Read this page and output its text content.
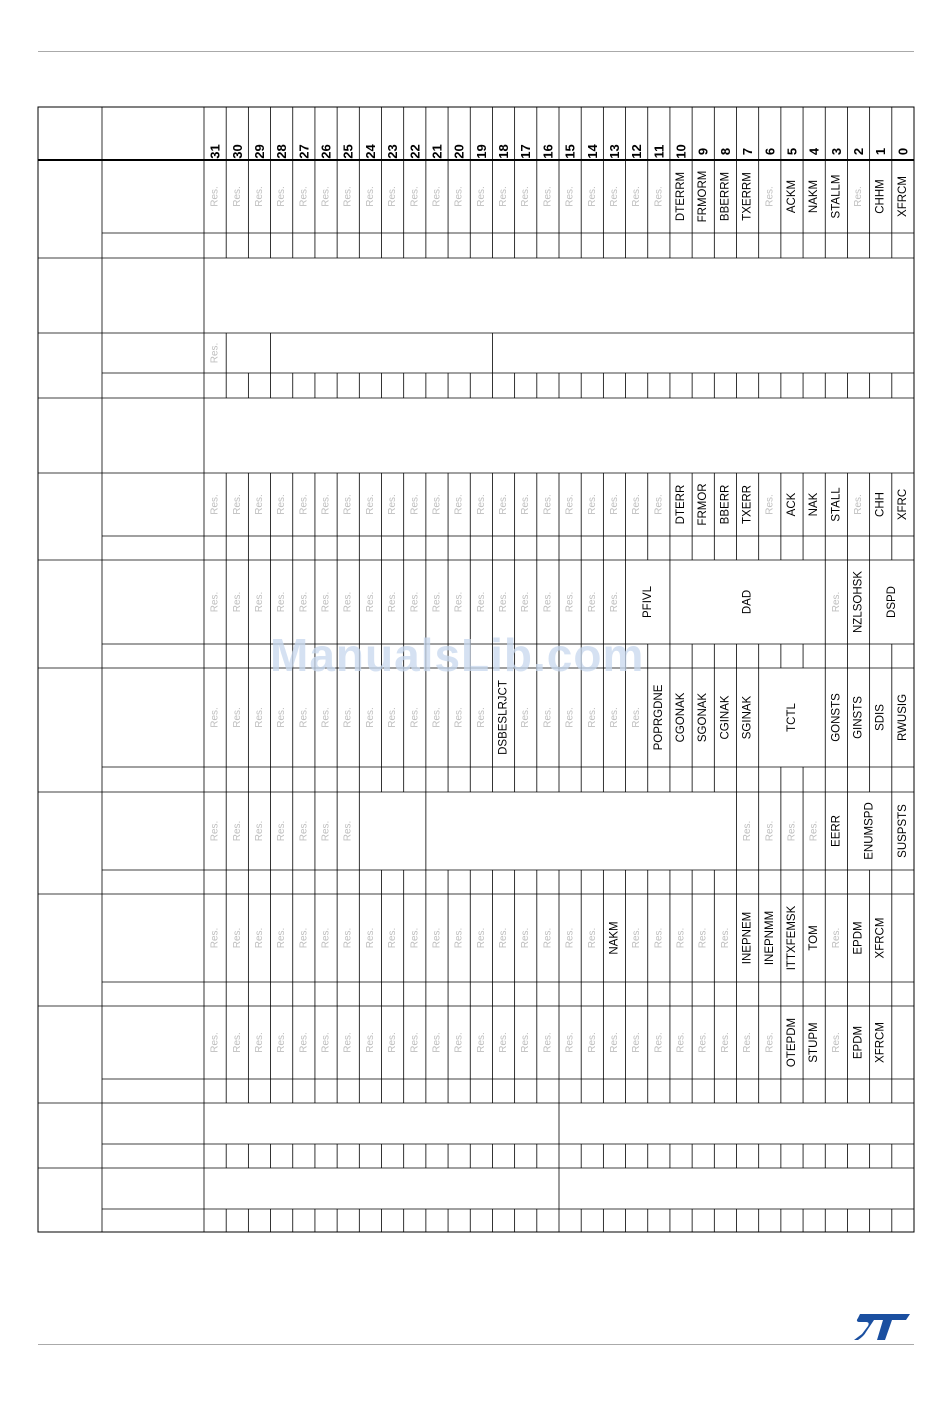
31 30 29 28 27 26 25 24 23 22 21 20 19 18 17 16 15 14 13 12 11 10 9 8 7 6 5 4 3 2 1 0
Res. Res. Res. Res. Res. Res. Res. Res. Res. Res. Res. Res. Res. Res. Res. Res. Res. Res. Res. Res. Res. DTERRM FRMORM BBERRM TXERRM Res. ACKM NAKM STALLM Res. CHHM XFRCM
Res.
Res. Res. Res. Res. Res. Res. Res. Res. Res. Res. Res. Res. Res. Res. Res. Res. Res. Res. Res. Res. Res. DTERR FRMOR BBERR TXERR Res. ACK NAK STALL Res. CHH XFRC
Res. Res. Res. Res. Res. Res. Res. Res. Res. Res. Res. Res. Res. Res. Res. Res. Res. Res. Res. PFIVL	DAD	Res. NZLSOHSK DSPD
Res. Res. Res. Res. Res. Res. Res. Res. Res. Res. Res. Res. Res. DSBESLRJCT Res. Res. Res. Res. Res. Res. POPRGDNE CGONAK SGONAK CGINAK SGINAK	TCTL	GONSTS GINSTS SDIS RWUSIG
Res. Res. Res. Res. Res. Res. Res.	Res. Res. Res. Res. EERR ENUMSPD SUSPSTS
Res. Res. Res. Res. Res. Res. Res. Res. Res. Res. Res. Res. Res. Res. Res. Res. Res. Res. NAKM Res. Res. Res. Res. Res. INEPNEM INEPNMM ITTXFEMSK TOM Res. EPDM XFRCM
Res. Res. Res. Res. Res. Res. Res. Res. Res. Res. Res. Res. Res. Res. Res. Res. Res. Res. Res. Res. Res. Res. Res. Res. Res. Res. OTEPDM STUPM Res. EPDM XFRCM
ManualsLib.com
